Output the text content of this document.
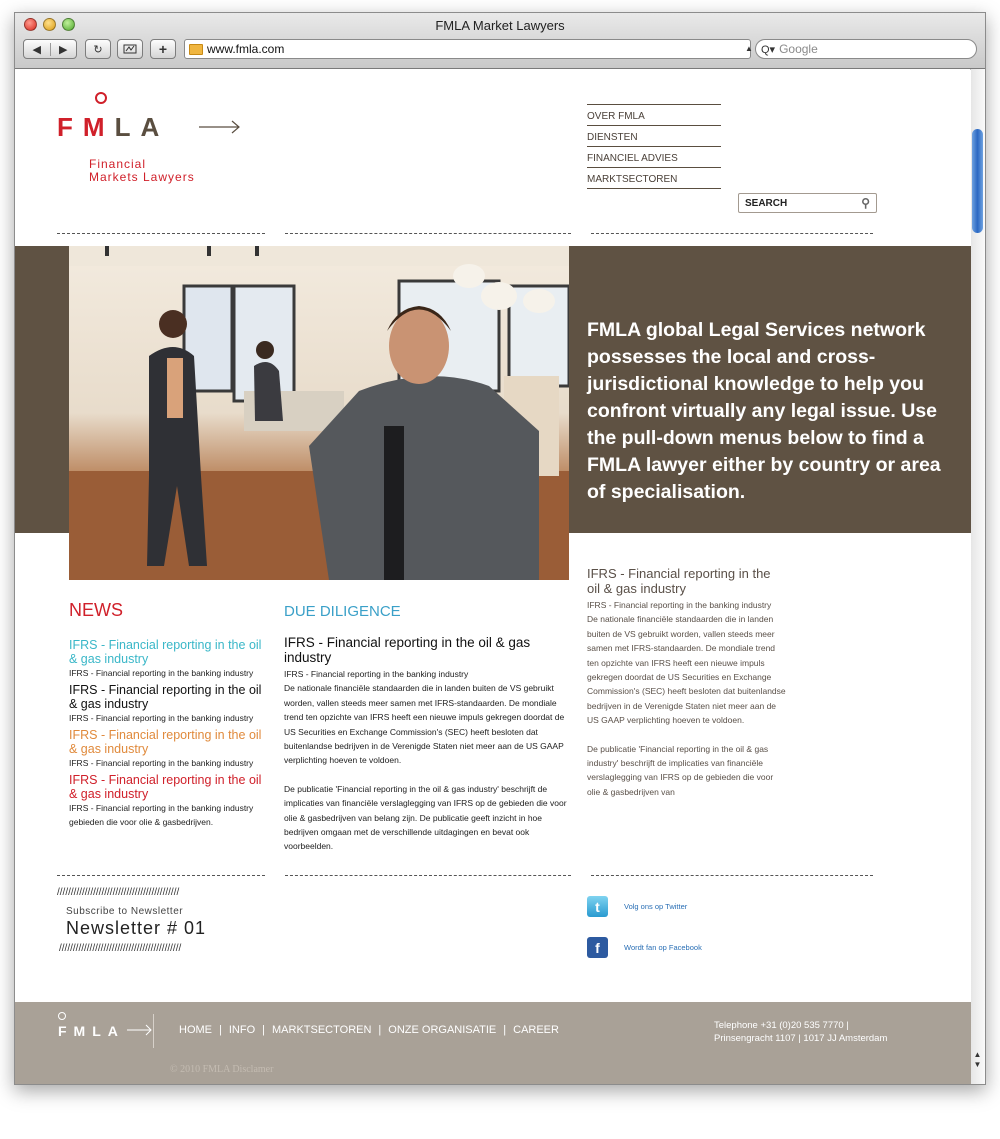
FMLA Market Lawyers
◀	▶	↻	+	www.fmla.com	▲ Q▾ Google
▲
▼
FMLA
Financial
Markets Lawyers
OVER FMLA
DIENSTEN
FINANCIEL ADVIES
MARKTSECTOREN
SEARCH	⚲
FMLA global Legal Services network possesses the local and cross-jurisdictional knowledge to help you confront virtually any legal issue. Use the pull-down menus below to find a FMLA lawyer either by country or area of specialisation.
NEWS
IFRS - Financial reporting in the oil & gas industry
IFRS - Financial reporting in the banking industry
IFRS - Financial reporting in the oil & gas industry
IFRS - Financial reporting in the banking industry
IFRS - Financial reporting in the oil & gas industry
IFRS - Financial reporting in the banking industry
IFRS - Financial reporting in the oil & gas industry
IFRS - Financial reporting in the banking industry gebieden die voor olie & gasbedrijven.
DUE DILIGENCE
IFRS - Financial reporting in the oil & gas industry
IFRS - Financial reporting in the banking industry

De nationale financiële standaarden die in landen buiten de VS gebruikt worden, vallen steeds meer samen met IFRS-standaarden. De mondiale trend ten opzichte van IFRS heeft een nieuwe impuls gekregen doordat de US Securities en Exchange Commission's (SEC) heeft besloten dat buitenlandse bedrijven in de Verenigde Staten niet meer aan de US GAAP verplichting hoeven te voldoen.

De publicatie 'Financial reporting in the oil & gas industry' beschrijft de implicaties van financiële verslaglegging van IFRS op de gebieden die voor olie & gasbedrijven van belang zijn. De publicatie geeft inzicht in hoe bedrijven omgaan met de verschillende uitdagingen en bevat ook voorbeelden.

IFRS - Financial reporting in the oil & gas industry
IFRS - Financial reporting in the banking industry

De nationale financiële standaarden die in landen buiten de VS gebruikt worden, vallen steeds meer samen met IFRS-standaarden. De mondiale trend ten opzichte van IFRS heeft een nieuwe impuls gekregen doordat de US Securities en Exchange Commission's (SEC) heeft besloten dat buitenlandse bedrijven in de Verenigde Staten niet meer aan de US GAAP verplichting hoeven te voldoen.

De publicatie 'Financial reporting in the oil & gas industry' beschrijft de implicaties van financiële verslaglegging van IFRS op de gebieden die voor olie & gasbedrijven van

////////////////////////////////////////////
Subscribe to Newsletter
Newsletter # 01
////////////////////////////////////////////
t	Volg ons op Twitter
f	Wordt fan op Facebook
FMLA	HOME | INFO | MARKTSECTOREN | ONZE ORGANISATIE | CAREER	Telephone +31 (0)20 535 7770 |
Prinsengracht 1107 | 1017 JJ Amsterdam
© 2010 FMLA Disclamer
